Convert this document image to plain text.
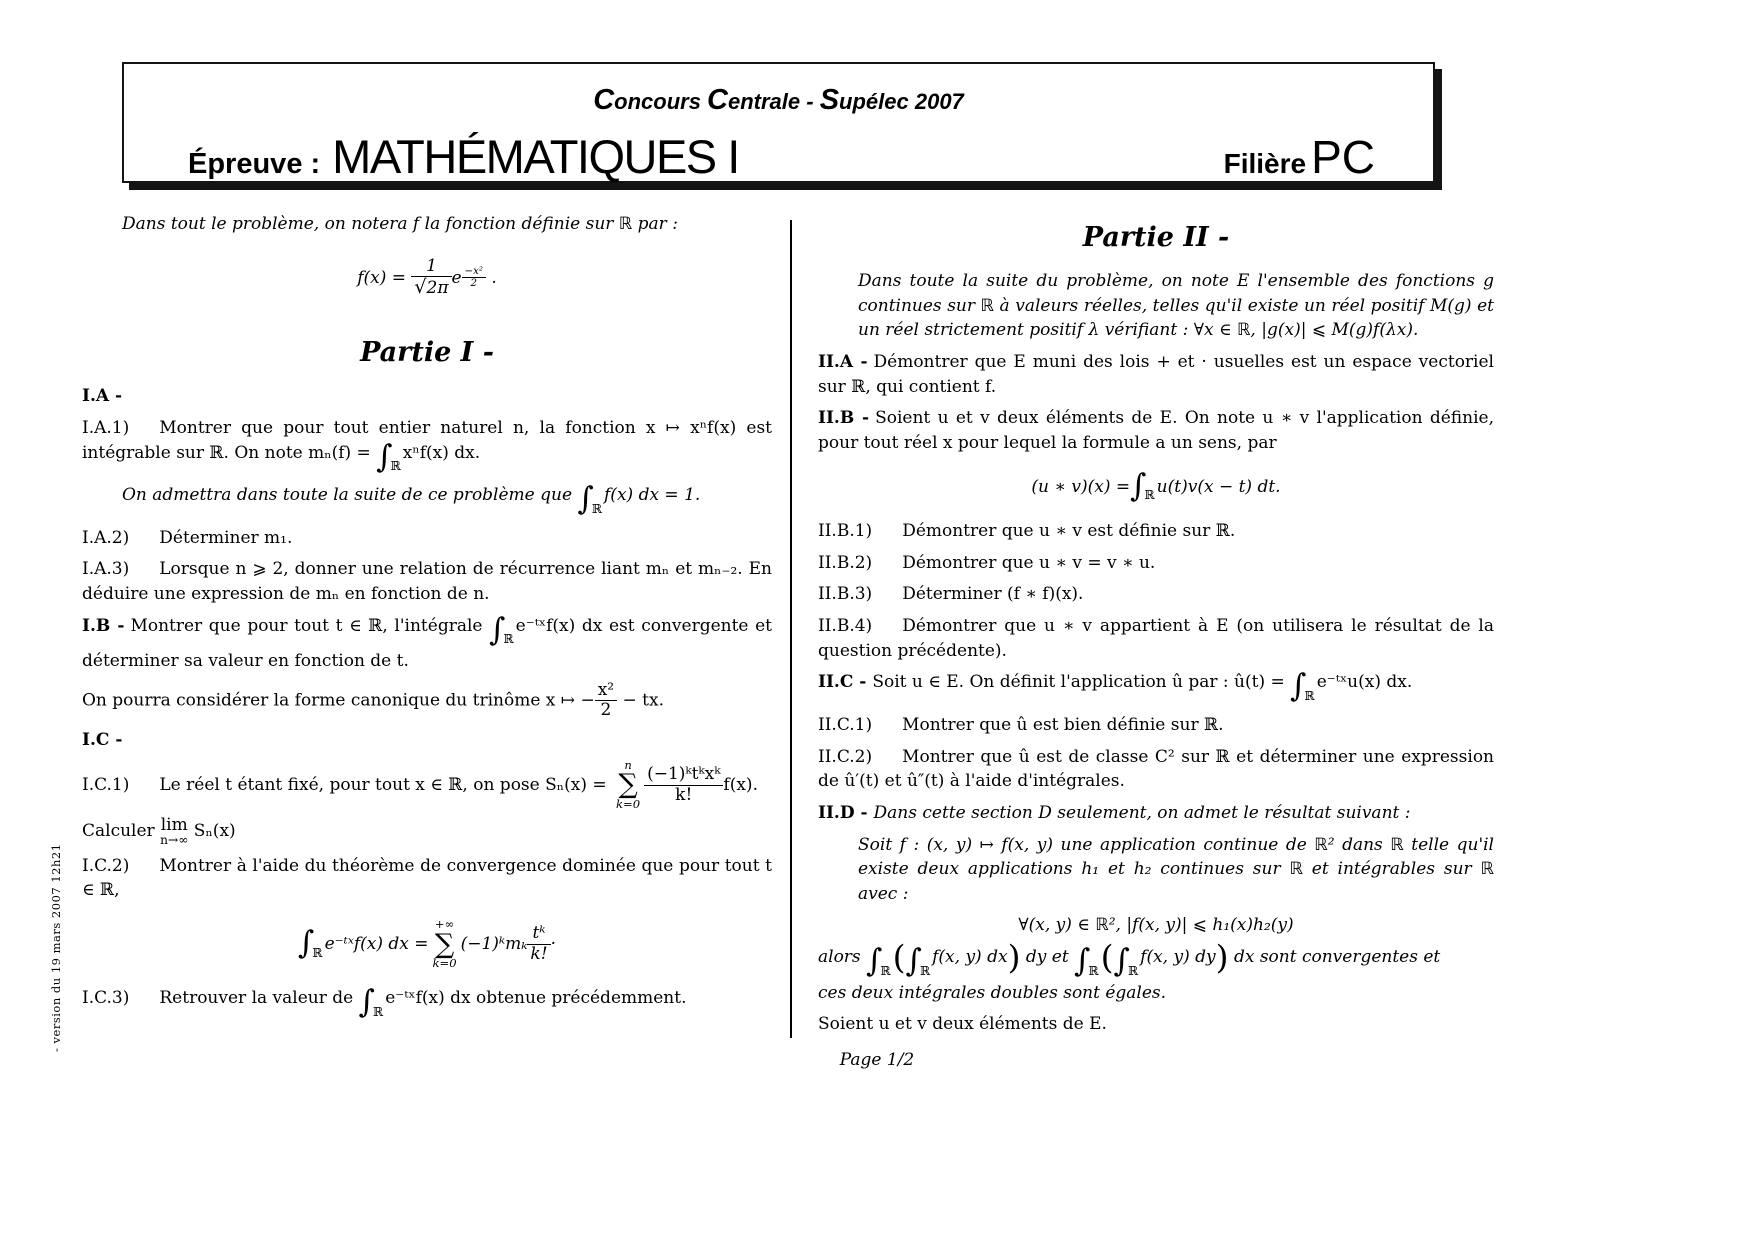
Concours Centrale - Supélec 2007
Épreuve : MATHÉMATIQUES I	Filière PC

Dans tout le problème, on notera f la fonction définie sur ℝ par :

f(x) =
$\frac{1}{√2\pi}$ e $\frac{\text{−x²}}{2}$
.
Partie I -

I.A -

I.A.1) Montrer que pour tout entier naturel n, la fonction x ↦ xⁿf(x) est intégrable sur ℝ. On note $m_n(f) = \int_ℝx^nf(x)$ dx.

On admettra dans toute la suite de ce problème que $\int_ℝf(x)$ dx = 1.

I.A.2) Déterminer m₁.

I.A.3) Lorsque n ⩾ 2, donner une relation de récurrence liant mₙ et mₙ₋₂. En déduire une expression de mₙ en fonction de n.

I.B - Montrer que pour tout t ∈ ℝ, l'intégrale $\int_ℝe^-ᵗˣf(x)$ dx est convergente et déterminer sa valeur en fonction de t.

On pourra considérer la forme canonique du trinôme x ↦ − $\frac{\text{x²}}{2}$ − tx.

I.C -

I.C.1) Le réel t étant fixé, pour tout x ∈ ℝ, on pose Sₙ(x) =
n
∑
$k=0 \frac{\text{(−1)ᵏtᵏxᵏ}}{k!} f(x)$.

Calculer lim
n→∞ Sₙ(x)

I.C.2) Montrer à l'aide du théorème de convergence dominée que pour tout t ∈ ℝ,

$\int_ℝ$ e⁻ᵗˣf(x) dx =
+∞
∑
k=0
(−1)ᵏmₖ $\frac{\text{tᵏ}}{k!}$ ·

I.C.3) Retrouver la valeur de $\int_ℝe^-ᵗˣf(x)$ dx obtenue précédemment.

Partie II -

Dans toute la suite du problème, on note E l'ensemble des fonctions g continues sur ℝ à valeurs réelles, telles qu'il existe un réel positif M(g) et un réel strictement positif λ vérifiant : ∀x ∈ ℝ, |g(x)| ⩽ M(g)f(λx).

II.A - Démontrer que E muni des lois + et · usuelles est un espace vectoriel sur ℝ, qui contient f.

II.B - Soient u et v deux éléments de E. On note u ∗ v l'application définie, pour tout réel x pour lequel la formule a un sens, par

(u ∗ $v)(x) = \int_ℝ$ u(t)v(x − t) dt.

II.B.1) Démontrer que u ∗ v est définie sur ℝ.

II.B.2) Démontrer que u ∗ v = v ∗ u.

II.B.3) Déterminer (f ∗ f)(x).

II.B.4) Démontrer que u ∗ v appartient à E (on utilisera le résultat de la question précédente).

II.C - Soit u ∈ E. On définit l'application û par : û(t) = $\int_ℝe^-ᵗˣu(x)$ dx.

II.C.1) Montrer que û est bien définie sur ℝ.

II.C.2) Montrer que û est de classe C² sur ℝ et déterminer une expression de û′(t) et û″(t) à l'aide d'intégrales.

II.D - Dans cette section D seulement, on admet le résultat suivant :

Soit f : (x, y) ↦ f(x, y) une application continue de ℝ² dans ℝ telle qu'il existe deux applications h₁ et h₂ continues sur ℝ et intégrables sur ℝ avec :

∀(x, y) ∈ ℝ², |f(x, y)| ⩽ h₁(x)h₂(y)

alors $\int_ℝ(\int_ℝf(x$, y) dx) dy et $\int_ℝ(\int_ℝf(x$, y) dy) dx sont convergentes et
ces deux intégrales doubles sont égales.

Soient u et v deux éléments de E.

Page 1/2
- version du 19 mars 2007 12h21
